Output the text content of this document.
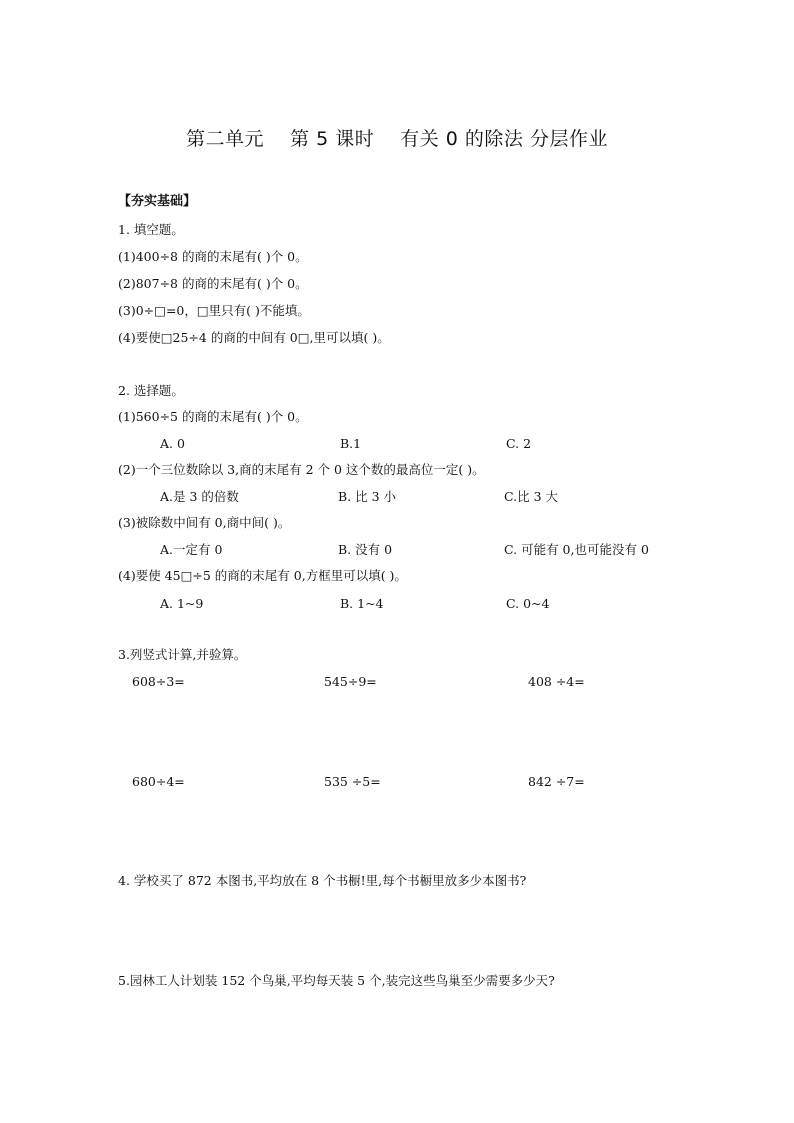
第二单元　 第 5 课时　 有关 0 的除法 分层作业
【夯实基础】
1. 填空题。
(1)400÷8 的商的末尾有( )个 0。
(2)807÷8 的商的末尾有( )个 0。
(3)0÷□=0，□里只有( )不能填。
(4)要使□25÷4 的商的中间有 0□,里可以填( )。
2. 选择题。
(1)560÷5 的商的末尾有( )个 0。
A. 0	B.1	C. 2
(2)一个三位数除以 3,商的末尾有 2 个 0 这个数的最高位一定( )。
A.是 3 的倍数	B. 比 3 小	C.比 3 大
(3)被除数中间有 0,商中间( )。
A.一定有 0	B. 没有 0	C. 可能有 0,也可能没有 0
(4)要使 45□÷5 的商的末尾有 0,方框里可以填( )。
A. 1~9	B. 1~4	C. 0~4
3.列竖式计算,并验算。
608÷3=	545÷9=	408 ÷4=
680÷4=	535 ÷5=	842 ÷7=
4. 学校买了 872 本图书,平均放在 8 个书橱!里,每个书橱里放多少本图书?
5.园林工人计划装 152 个鸟巢,平均每天装 5 个,装完这些鸟巢至少需要多少天?
